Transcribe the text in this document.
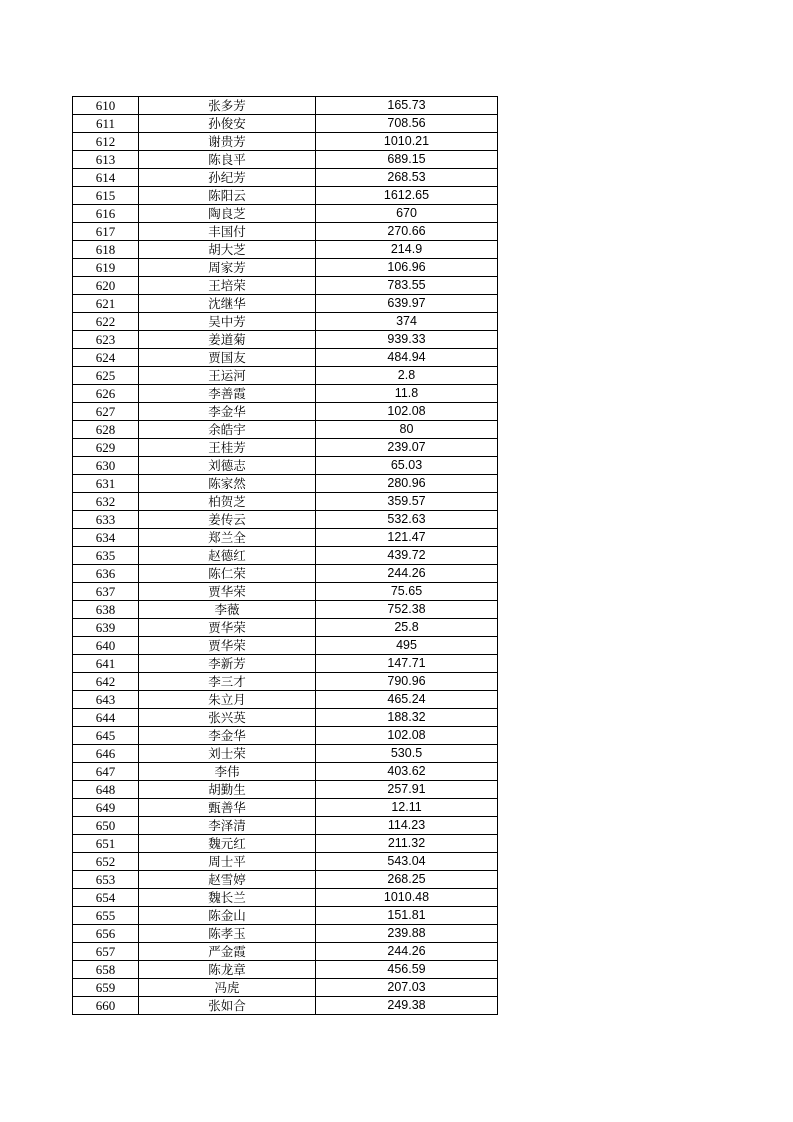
610	张多芳	165.73
611	孙俊安	708.56
612	谢贵芳	1010.21
613	陈良平	689.15
614	孙纪芳	268.53
615	陈阳云	1612.65
616	陶良芝	670
617	丰国付	270.66
618	胡大芝	214.9
619	周家芳	106.96
620	王培荣	783.55
621	沈继华	639.97
622	吴中芳	374
623	姜道菊	939.33
624	贾国友	484.94
625	王运河	2.8
626	李善霞	11.8
627	李金华	102.08
628	余皓宇	80
629	王桂芳	239.07
630	刘德志	65.03
631	陈家然	280.96
632	柏贺芝	359.57
633	姜传云	532.63
634	郑兰全	121.47
635	赵德红	439.72
636	陈仁荣	244.26
637	贾华荣	75.65
638	李薇	752.38
639	贾华荣	25.8
640	贾华荣	495
641	李新芳	147.71
642	李三才	790.96
643	朱立月	465.24
644	张兴英	188.32
645	李金华	102.08
646	刘士荣	530.5
647	李伟	403.62
648	胡勤生	257.91
649	甄善华	12.11
650	李泽清	114.23
651	魏元红	211.32
652	周士平	543.04
653	赵雪婷	268.25
654	魏长兰	1010.48
655	陈金山	151.81
656	陈孝玉	239.88
657	严金霞	244.26
658	陈龙章	456.59
659	冯虎	207.03
660	张如合	249.38
